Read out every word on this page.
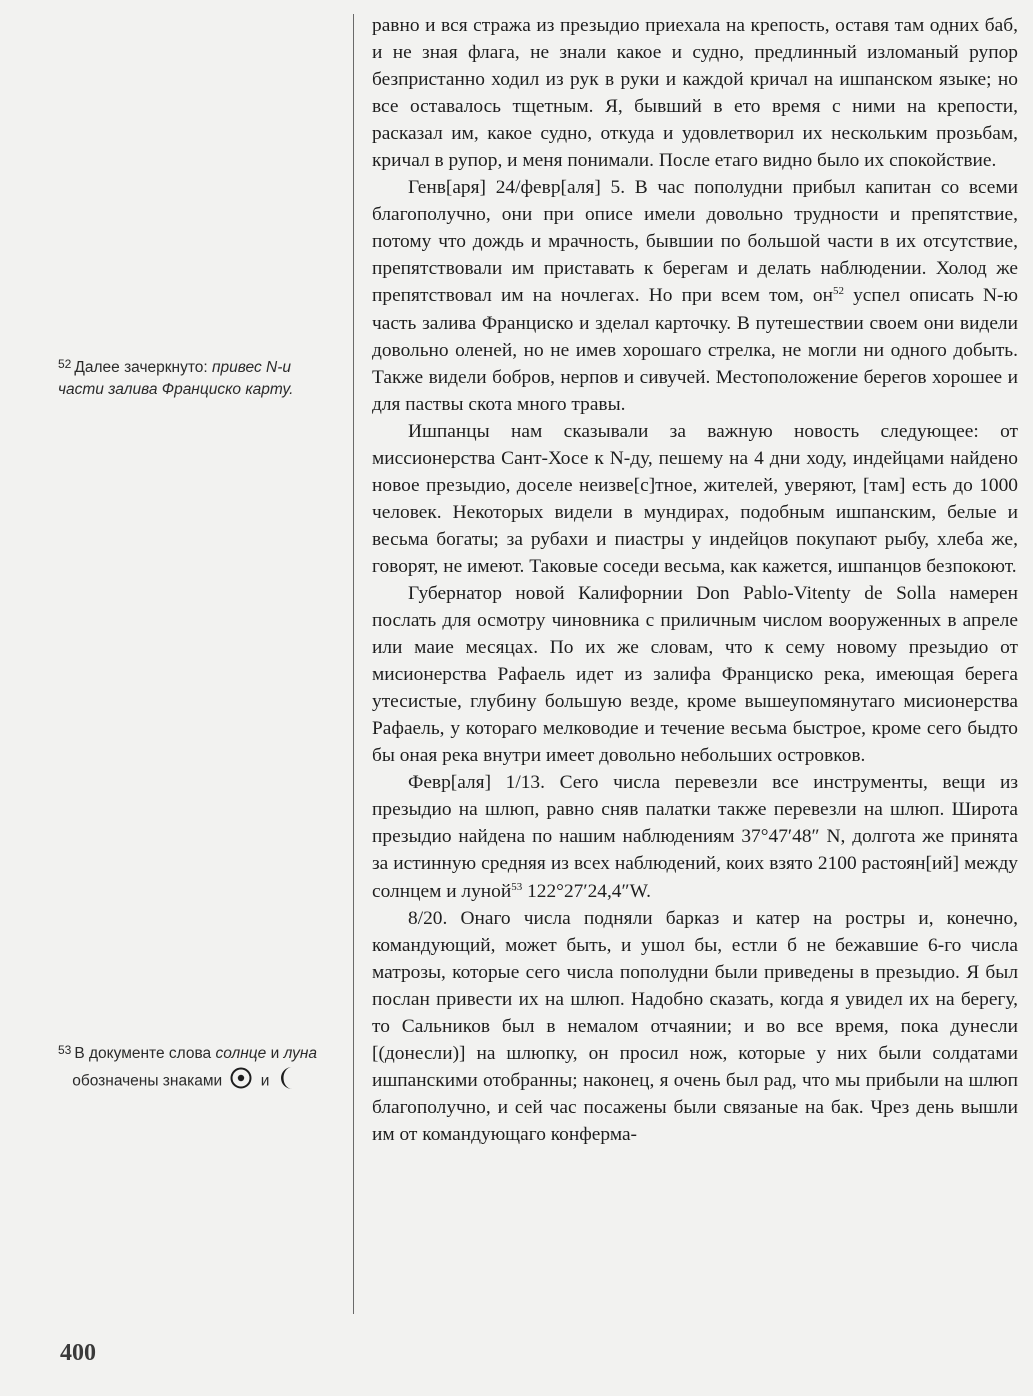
$^{52}$ Далее зачеркнуто: привес N-и части залива Франциско карту.
$^{53}$ В документе слова солнце и луна
обозначены знаками и

равно и вся стража из презыдио приехала на крепость, оставя там одних баб, и не зная флага, не знали какое и судно, предлинный изломаный рупор безпристанно ходил из рук в руки и каждой кричал на ишпанском языке; но все оставалось тщетным. Я, бывший в ето время с ними на крепости, расказал им, какое судно, откуда и удовлетворил их нескольким прозьбам, кричал в рупор, и меня понимали. После етаго видно было их спокойствие.

Генв[аря] 24/февр[аля] 5. В час пополудни прибыл капитан со всеми благополучно, они при описе имели довольно трудности и препятствие, потому что дождь и мрачность, бывшии по большой части в их отсутствие, препятствовали им приставать к берегам и делать наблюдении. Холод же препятствовал им на ночлегах. Но при всем том, $он^{52}$ успел описать N-ю часть залива Франциско и зделал карточку. В путешествии своем они видели довольно оленей, но не имев хорошаго стрелка, не могли ни одного добыть. Также видели бобров, нерпов и сивучей. Местоположение берегов хорошее и для паствы скота много травы.

Ишпанцы нам сказывали за важную новость следующее: от миссионерства Сант-Хосе к N-ду, пешему на 4 дни ходу, индейцами найдено новое презыдио, доселе неизве[с]тное, жителей, уверяют, [там] есть до 1000 человек. Некоторых видели в мундирах, подобным ишпанским, белые и весьма богаты; за рубахи и пиастры у индейцов покупают рыбу, хлеба же, говорят, не имеют. Таковые соседи весьма, как кажется, ишпанцов безпокоют.

Губернатор новой Калифорнии Don Pablo-Vitenty de Solla намерен послать для осмотру чиновника с приличным числом вооруженных в апреле или маие месяцах. По их же словам, что к сему новому презыдио от мисионерства Рафаель идет из залифа Франциско река, имеющая берега утесистые, глубину большую везде, кроме вышеупомянутаго мисионерства Рафаель, у котораго мелководие и течение весьма быстрое, кроме сего быдто бы оная река внутри имеет довольно небольших островков.

Февр[аля] 1/13. Сего числа перевезли все инструменты, вещи из презыдио на шлюп, равно сняв палатки также перевезли на шлюп. Широта презыдио найдена по нашим наблюдениям 37°47′48″ N, долгота же принята за истинную средняя из всех наблюдений, коих взято 2100 растоян[ий] между солнцем и луной$^{53}$ 122°27′24,4″W.

8/20. Онаго числа подняли барказ и катер на ростры и, конечно, командующий, может быть, и ушол бы, естли б не бежавшие 6-го числа матрозы, которые сего числа пополудни были приведены в презыдио. Я был послан привести их на шлюп. Надобно сказать, когда я увидел их на берегу, то Сальников был в немалом отчаянии; и во все время, пока дунесли [(донесли)] на шлюпку, он просил нож, которые у них были солдатами ишпанскими отобранны; наконец, я очень был рад, что мы прибыли на шлюп благополучно, и сей час посажены были связаные на бак. Чрез день вышли им от командующаго конферма-

400
